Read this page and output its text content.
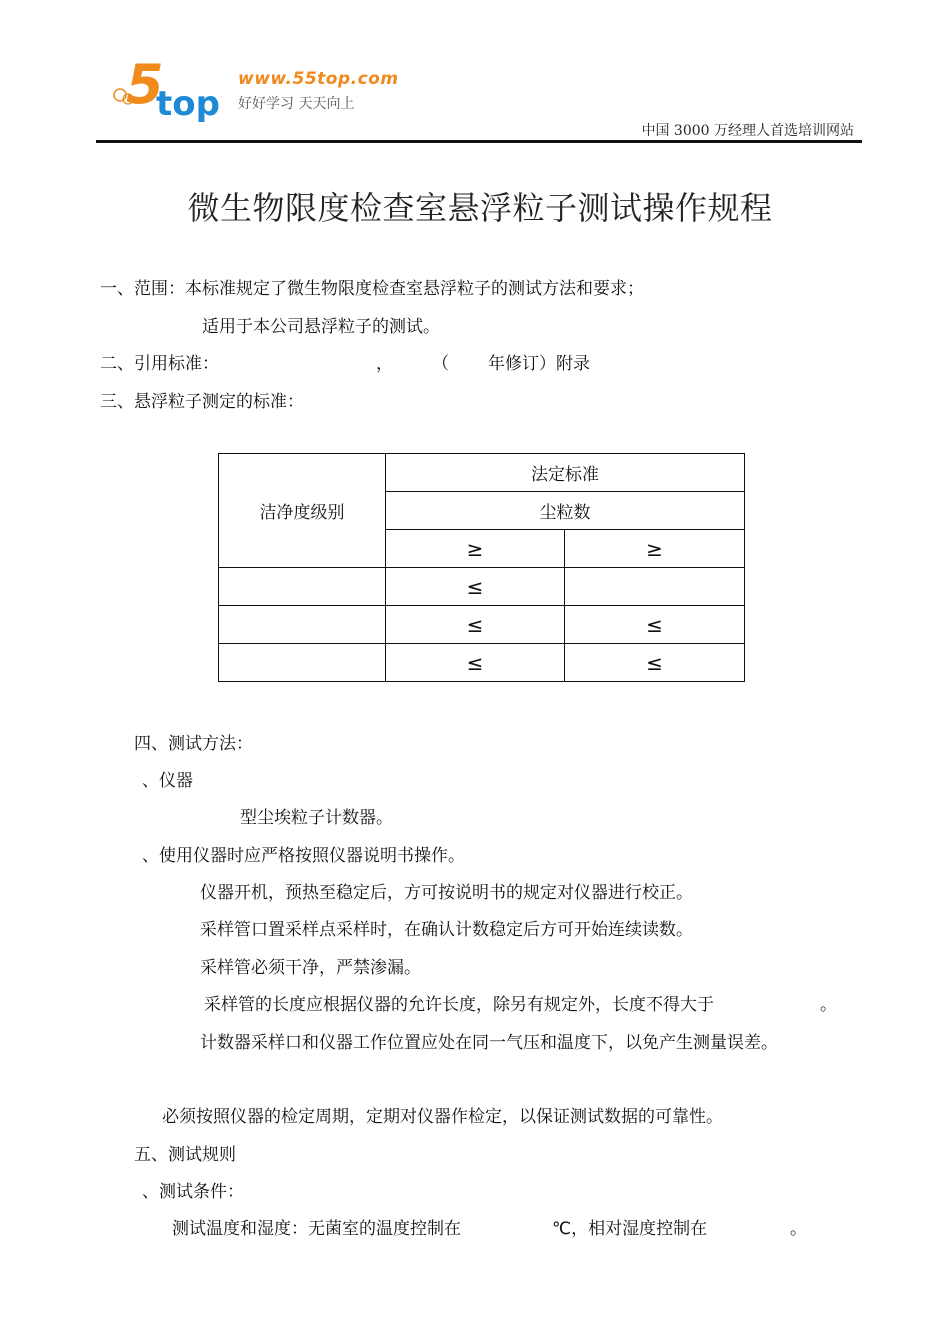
5
top
www.55top.com
好好学习 天天向上
中国 3000 万经理人首选培训网站
微生物限度检查室悬浮粒子测试操作规程
一、范围：本标准规定了微生物限度检查室悬浮粒子的测试方法和要求；
适用于本公司悬浮粒子的测试。
二、引用标准：	， （ 年修订）附录
三、悬浮粒子测定的标准：
洁净度级别	法定标准	
	尘粒数	
	≥	≥
	≤	
	≤	≤
	≤	≤
四、测试方法：
、仪器
型尘埃粒子计数器。
、使用仪器时应严格按照仪器说明书操作。
仪器开机，预热至稳定后，方可按说明书的规定对仪器进行校正。
采样管口置采样点采样时，在确认计数稳定后方可开始连续读数。
采样管必须干净，严禁渗漏。
采样管的长度应根据仪器的允许长度，除另有规定外，长度不得大于	。
计数器采样口和仪器工作位置应处在同一气压和温度下，以免产生测量误差。
必须按照仪器的检定周期，定期对仪器作检定，以保证测试数据的可靠性。
五、测试规则
、测试条件：
测试温度和湿度：无菌室的温度控制在	℃，相对湿度控制在	。
